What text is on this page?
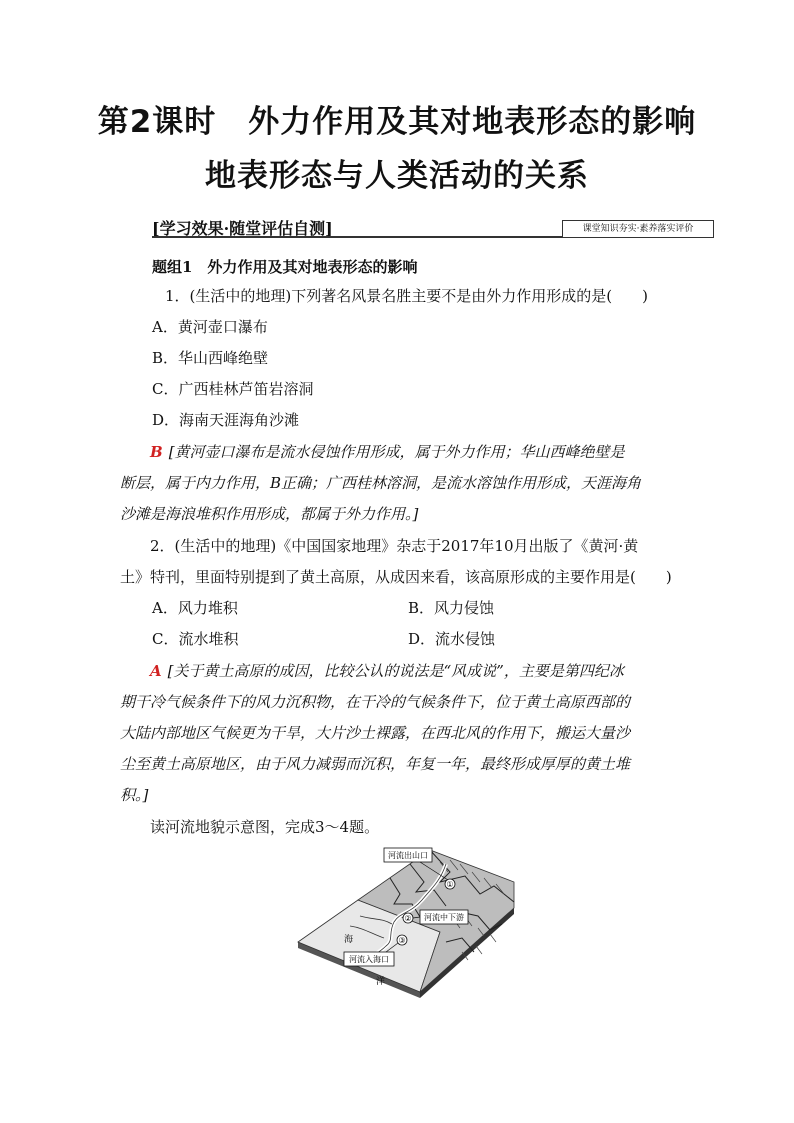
第2课时　外力作用及其对地表形态的影响
地表形态与人类活动的关系
[学习效果·随堂评估自测]	课堂知识夯实·素养落实评价
题组1　外力作用及其对地表形态的影响
1．(生活中的地理)下列著名风景名胜主要不是由外力作用形成的是(　　)
A．黄河壶口瀑布
B．华山西峰绝壁
C．广西桂林芦笛岩溶洞
D．海南天涯海角沙滩
B [黄河壶口瀑布是流水侵蚀作用形成，属于外力作用；华山西峰绝壁是
断层，属于内力作用，B正确；广西桂林溶洞，是流水溶蚀作用形成，天涯海角
沙滩是海浪堆积作用形成，都属于外力作用。]
2．(生活中的地理)《中国国家地理》杂志于2017年10月出版了《黄河·黄
土》特刊，里面特别提到了黄土高原，从成因来看，该高原形成的主要作用是(　　)
A．风力堆积	B．风力侵蚀
C．流水堆积	D．流水侵蚀
A [关于黄土高原的成因，比较公认的说法是“风成说”，主要是第四纪冰
期干冷气候条件下的风力沉积物，在干冷的气候条件下，位于黄土高原西部的
大陆内部地区气候更为干旱，大片沙土裸露，在西北风的作用下，搬运大量沙
尘至黄土高原地区，由于风力减弱而沉积，年复一年，最终形成厚厚的黄土堆
积。]
读河流地貌示意图，完成3～4题。
①
②
③
河流出山口
河流中下游
河流入海口
海
洋
